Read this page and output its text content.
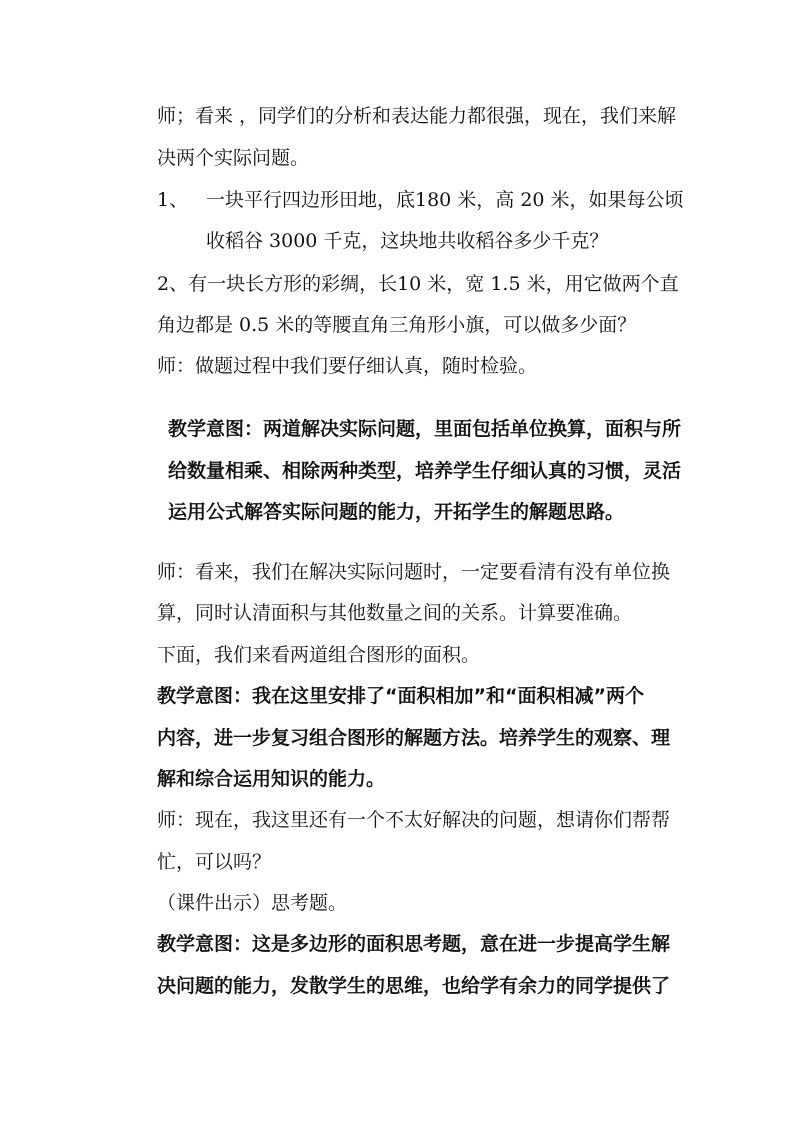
师；看来 ，同学们的分析和表达能力都很强，现在，我们来解
决两个实际问题。
1、 一块平行四边形田地，底180 米，高 20 米，如果每公顷
收稻谷 3000 千克，这块地共收稻谷多少千克？
2、有一块长方形的彩绸，长10 米，宽 1.5 米，用它做两个直
角边都是 0.5 米的等腰直角三角形小旗，可以做多少面？
师：做题过程中我们要仔细认真，随时检验。
教学意图：两道解决实际问题，里面包括单位换算，面积与所
给数量相乘、相除两种类型，培养学生仔细认真的习惯，灵活
运用公式解答实际问题的能力，开拓学生的解题思路。
师：看来，我们在解决实际问题时，一定要看清有没有单位换
算，同时认清面积与其他数量之间的关系。计算要准确。
下面，我们来看两道组合图形的面积。
教学意图：我在这里安排了“面积相加”和“面积相减”两个
内容，进一步复习组合图形的解题方法。培养学生的观察、理
解和综合运用知识的能力。
师：现在，我这里还有一个不太好解决的问题，想请你们帮帮
忙，可以吗？
（课件出示）思考题。
教学意图：这是多边形的面积思考题，意在进一步提高学生解
决问题的能力，发散学生的思维，也给学有余力的同学提供了
